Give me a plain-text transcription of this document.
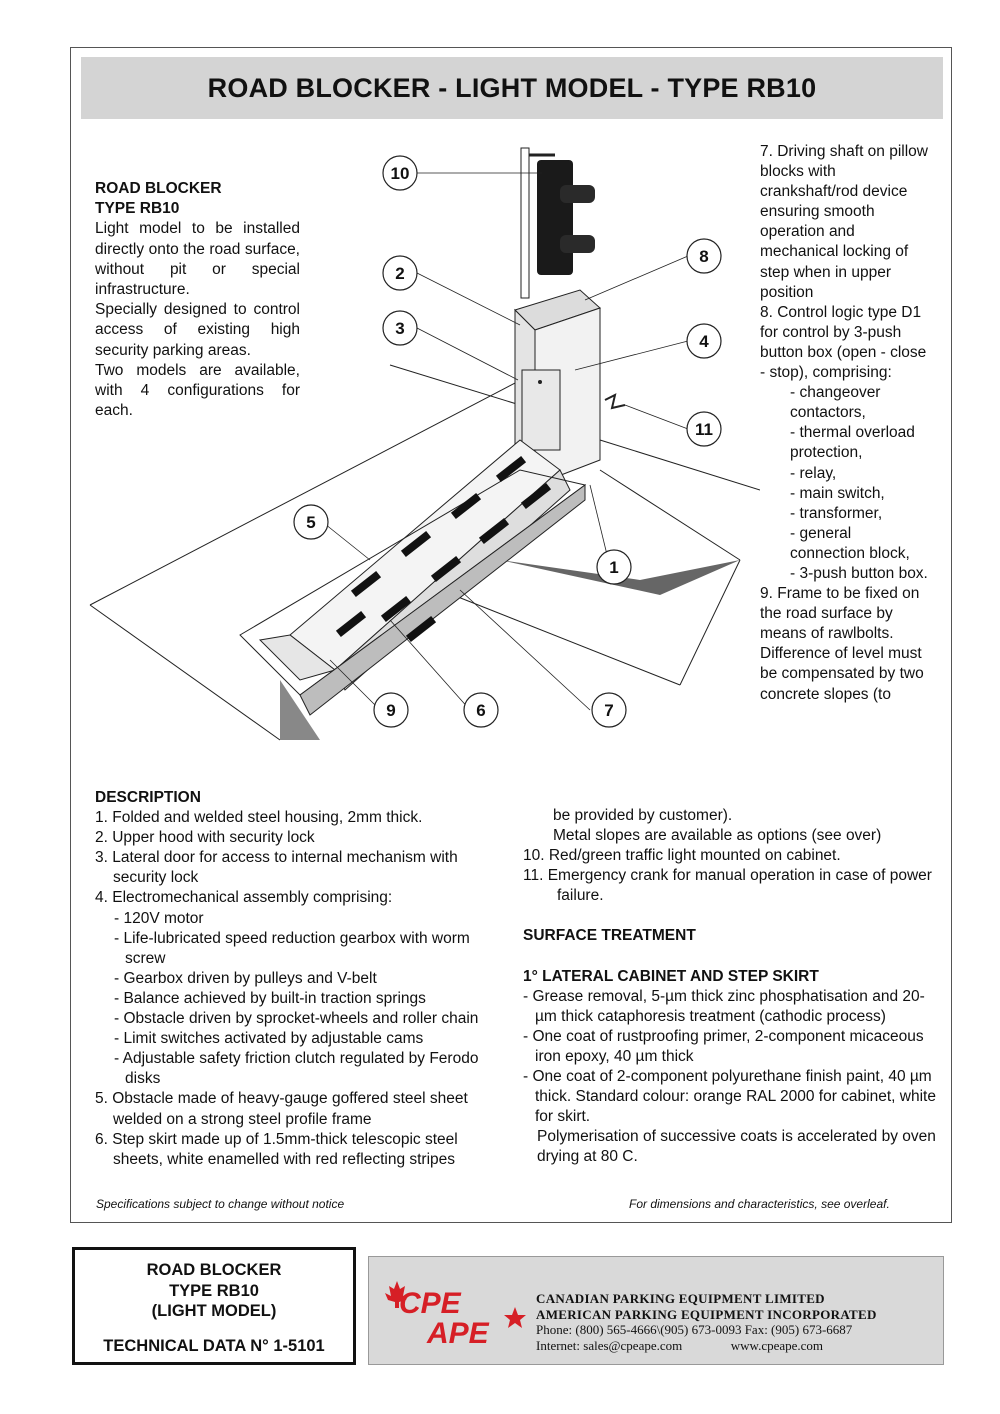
ROAD BLOCKER - LIGHT MODEL - TYPE RB10

ROAD BLOCKER

TYPE RB10

Light model to be installed directly onto the road surface, without pit or special infrastructure.

Specially designed to control access of existing high security parking areas.

Two models are available, with 4 configurations for each.

10
2
3
8
4
11
5
1
9	6	7

7. Driving shaft on pillow blocks with crankshaft/rod device ensuring smooth operation and mechanical locking of step when in upper position

8. Control logic type D1 for control by 3-push button box (open - close - stop), comprising:

- changeover contactors,

- thermal overload protection,

- relay,

- main switch,

- transformer,

- general connection block,

- 3-push button box.

9. Frame to be fixed on the road surface by means of rawlbolts. Difference of level must be compensated by two concrete slopes (to

DESCRIPTION

1. Folded and welded steel housing, 2mm thick.

2. Upper hood with security lock

3. Lateral door for access to internal mechanism with security lock

4. Electromechanical assembly comprising:

- 120V motor

- Life-lubricated speed reduction gearbox with worm screw

- Gearbox driven by pulleys and V-belt

- Balance achieved by built-in traction springs

- Obstacle driven by sprocket-wheels and roller chain

- Limit switches activated by adjustable cams

- Adjustable safety friction clutch regulated by Ferodo disks

5. Obstacle made of heavy-gauge goffered steel sheet welded on a strong steel profile frame

6. Step skirt made up of 1.5mm-thick telescopic steel sheets, white enamelled with red reflecting stripes

be provided by customer).

Metal slopes are available as options (see over)

10. Red/green traffic light mounted on cabinet.

11. Emergency crank for manual operation in case of power failure.

SURFACE TREATMENT

1° LATERAL CABINET AND STEP SKIRT

- Grease removal, 5-µm thick zinc phosphatisation and 20-µm thick cataphoresis treatment (cathodic process)

- One coat of rustproofing primer, 2-component micaceous iron epoxy, 40 µm thick

- One coat of 2-component polyurethane finish paint, 40 µm thick. Standard colour: orange RAL 2000 for cabinet, white for skirt.

Polymerisation of successive coats is accelerated by oven drying at 80 C.

Specifications subject to change without notice	For dimensions and characteristics, see overleaf.

ROAD BLOCKER

TYPE RB10

(LIGHT MODEL)

TECHNICAL DATA N° 1-5101

CPE
APE
CANADIAN PARKING EQUIPMENT LIMITED
AMERICAN PARKING EQUIPMENT INCORPORATED
Phone: (800) 565-4666\(905) 673-0093 Fax: (905) 673-6687
Internet: sales@cpeape.com	www.cpeape.com
